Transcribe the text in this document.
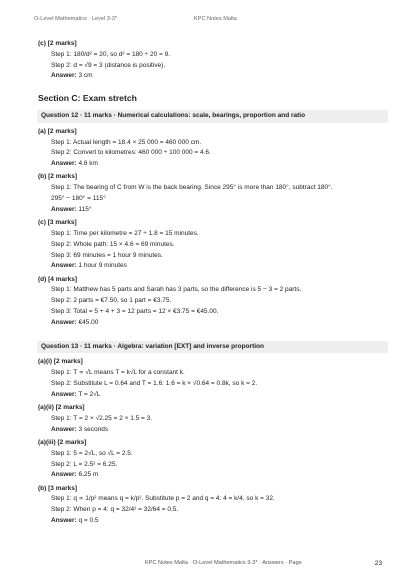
O-Level Mathematics · Level 3-3*	KPC Notes Malta
(c) [2 marks]
Step 1: 180/d² = 20, so d² = 180 ÷ 20 = 9.
Step 2: d = √9 = 3 (distance is positive).
Answer: 3 cm
Section C: Exam stretch
Question 12 · 11 marks · Numerical calculations: scale, bearings, proportion and ratio
(a) [2 marks]
Step 1: Actual length = 18.4 × 25 000 = 460 000 cm.
Step 2: Convert to kilometres: 460 000 ÷ 100 000 = 4.6.
Answer: 4.6 km
(b) [2 marks]
Step 1: The bearing of C from W is the back bearing. Since 295° is more than 180°, subtract 180°.
295° − 180° = 115°
Answer: 115°
(c) [3 marks]
Step 1: Time per kilometre = 27 ÷ 1.8 = 15 minutes.
Step 2: Whole path: 15 × 4.6 = 69 minutes.
Step 3: 69 minutes = 1 hour 9 minutes.
Answer: 1 hour 9 minutes
(d) [4 marks]
Step 1: Matthew has 5 parts and Sarah has 3 parts, so the difference is 5 − 3 = 2 parts.
Step 2: 2 parts = €7.50, so 1 part = €3.75.
Step 3: Total = 5 + 4 + 3 = 12 parts = 12 × €3.75 = €45.00.
Answer: €45.00
Question 13 · 11 marks · Algebra: variation [EXT] and inverse proportion
(a)(i) [2 marks]
Step 1: T ∝ √L means T = k√L for a constant k.
Step 2: Substitute L = 0.64 and T = 1.6: 1.6 = k × √0.64 = 0.8k, so k = 2.
Answer: T = 2√L
(a)(ii) [2 marks]
Step 1: T = 2 × √2.25 = 2 × 1.5 = 3.
Answer: 3 seconds
(a)(iii) [2 marks]
Step 1: 5 = 2√L, so √L = 2.5.
Step 2: L = 2.5² = 6.25.
Answer: 6.25 m
(b) [3 marks]
Step 1: q ∝ 1/p² means q = k/p². Substitute p = 2 and q = 4: 4 = k/4, so k = 32.
Step 2: When p = 4: q = 32/4² = 32/64 = 0.5.
Answer: q = 0.5
KPC Notes Malta · O-Level Mathematics 3-3* · Answers · Page	23
